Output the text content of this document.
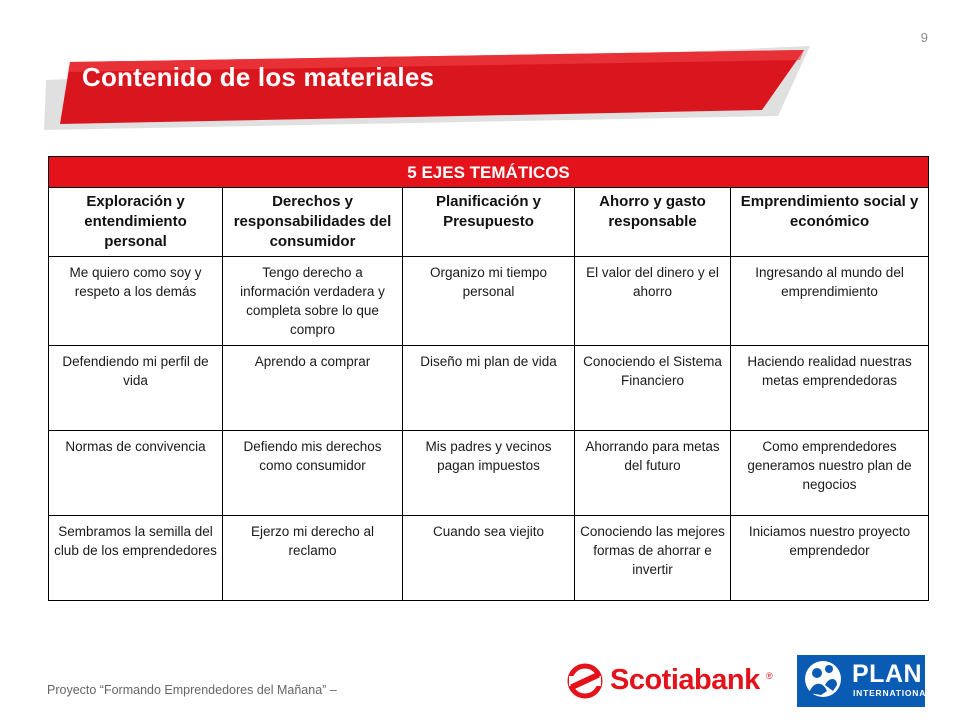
9
Contenido de los materiales
5 EJES TEMÁTICOS				
Exploración y entendimiento personal	Derechos y responsabilidades del consumidor	Planificación y Presupuesto	Ahorro y gasto responsable	Emprendimiento social y económico
Me quiero como soy y respeto a los demás	Tengo derecho a información verdadera y completa sobre lo que compro	Organizo mi tiempo personal	El valor del dinero y el ahorro	Ingresando al mundo del emprendimiento
Defendiendo mi perfil de vida	Aprendo a comprar	Diseño mi plan de vida	Conociendo el Sistema Financiero	Haciendo realidad nuestras metas emprendedoras
Normas de convivencia	Defiendo mis derechos como consumidor	Mis padres y vecinos pagan impuestos	Ahorrando para metas del futuro	Como emprendedores generamos nuestro plan de negocios
Sembramos la semilla del club de los emprendedores	Ejerzo mi derecho al reclamo	Cuando sea viejito	Conociendo las mejores formas de ahorrar e invertir	Iniciamos nuestro proyecto emprendedor
Proyecto “Formando Emprendedores del Mañana” –
®
Scotiabank	PLAN
INTERNATIONAL
